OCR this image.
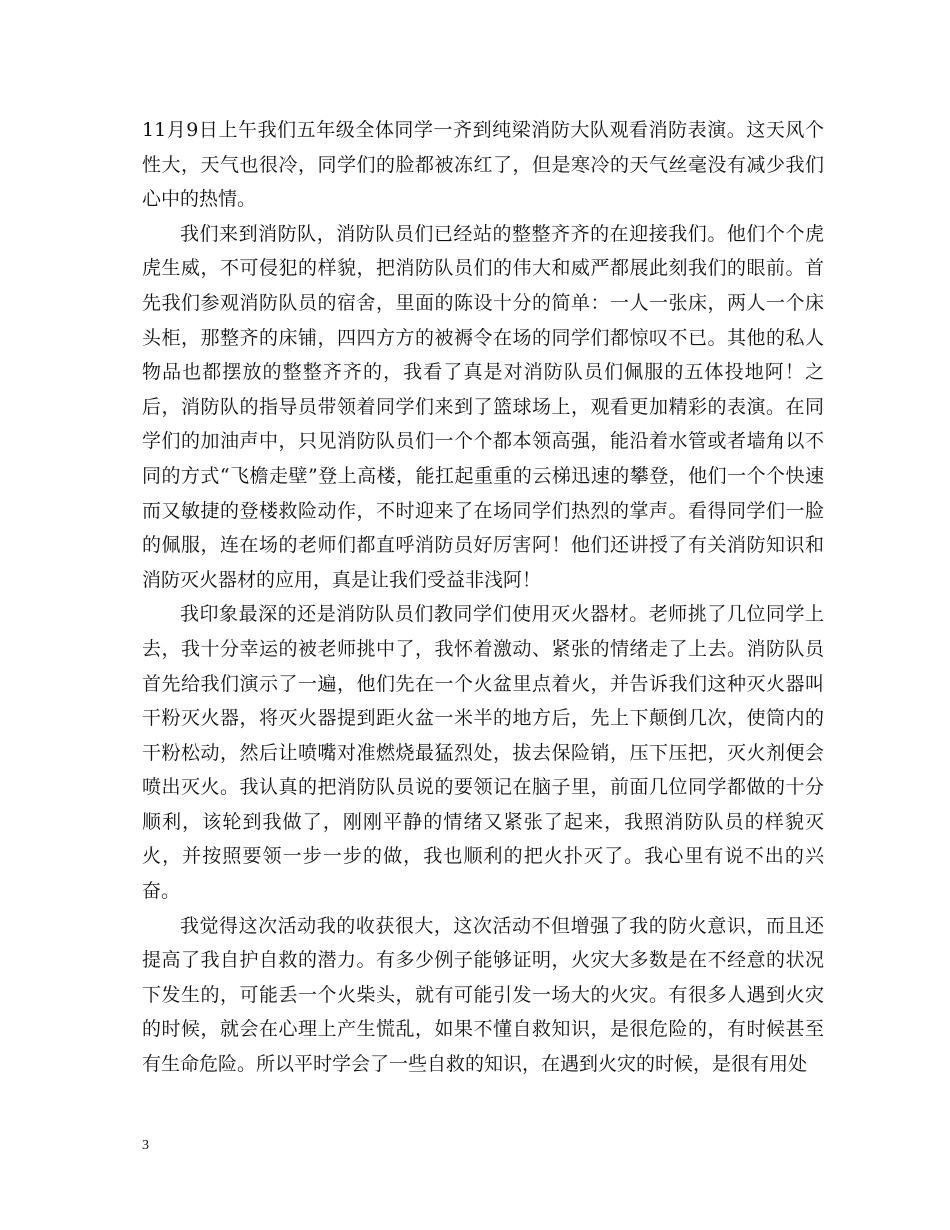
11月9日上午我们五年级全体同学一齐到纯梁消防大队观看消防表演。这天风个性大，天气也很冷，同学们的脸都被冻红了，但是寒冷的天气丝毫没有减少我们心中的热情。

我们来到消防队，消防队员们已经站的整整齐齐的在迎接我们。他们个个虎虎生威，不可侵犯的样貌，把消防队员们的伟大和威严都展此刻我们的眼前。首先我们参观消防队员的宿舍，里面的陈设十分的简单：一人一张床，两人一个床头柜，那整齐的床铺，四四方方的被褥令在场的同学们都惊叹不已。其他的私人物品也都摆放的整整齐齐的，我看了真是对消防队员们佩服的五体投地阿！之后，消防队的指导员带领着同学们来到了篮球场上，观看更加精彩的表演。在同学们的加油声中，只见消防队员们一个个都本领高强，能沿着水管或者墙角以不同的方式“飞檐走壁”登上高楼，能扛起重重的云梯迅速的攀登，他们一个个快速而又敏捷的登楼救险动作，不时迎来了在场同学们热烈的掌声。看得同学们一脸的佩服，连在场的老师们都直呼消防员好厉害阿！他们还讲授了有关消防知识和消防灭火器材的应用，真是让我们受益非浅阿！

我印象最深的还是消防队员们教同学们使用灭火器材。老师挑了几位同学上去，我十分幸运的被老师挑中了，我怀着激动、紧张的情绪走了上去。消防队员首先给我们演示了一遍，他们先在一个火盆里点着火，并告诉我们这种灭火器叫干粉灭火器，将灭火器提到距火盆一米半的地方后，先上下颠倒几次，使筒内的干粉松动，然后让喷嘴对准燃烧最猛烈处，拔去保险销，压下压把，灭火剂便会喷出灭火。我认真的把消防队员说的要领记在脑子里，前面几位同学都做的十分顺利，该轮到我做了，刚刚平静的情绪又紧张了起来，我照消防队员的样貌灭火，并按照要领一步一步的做，我也顺利的把火扑灭了。我心里有说不出的兴奋。

我觉得这次活动我的收获很大，这次活动不但增强了我的防火意识，而且还提高了我自护自救的潜力。有多少例子能够证明，火灾大多数是在不经意的状况下发生的，可能丢一个火柴头，就有可能引发一场大的火灾。有很多人遇到火灾的时候，就会在心理上产生慌乱，如果不懂自救知识，是很危险的，有时候甚至有生命危险。所以平时学会了一些自救的知识，在遇到火灾的时候，是很有用处

3
